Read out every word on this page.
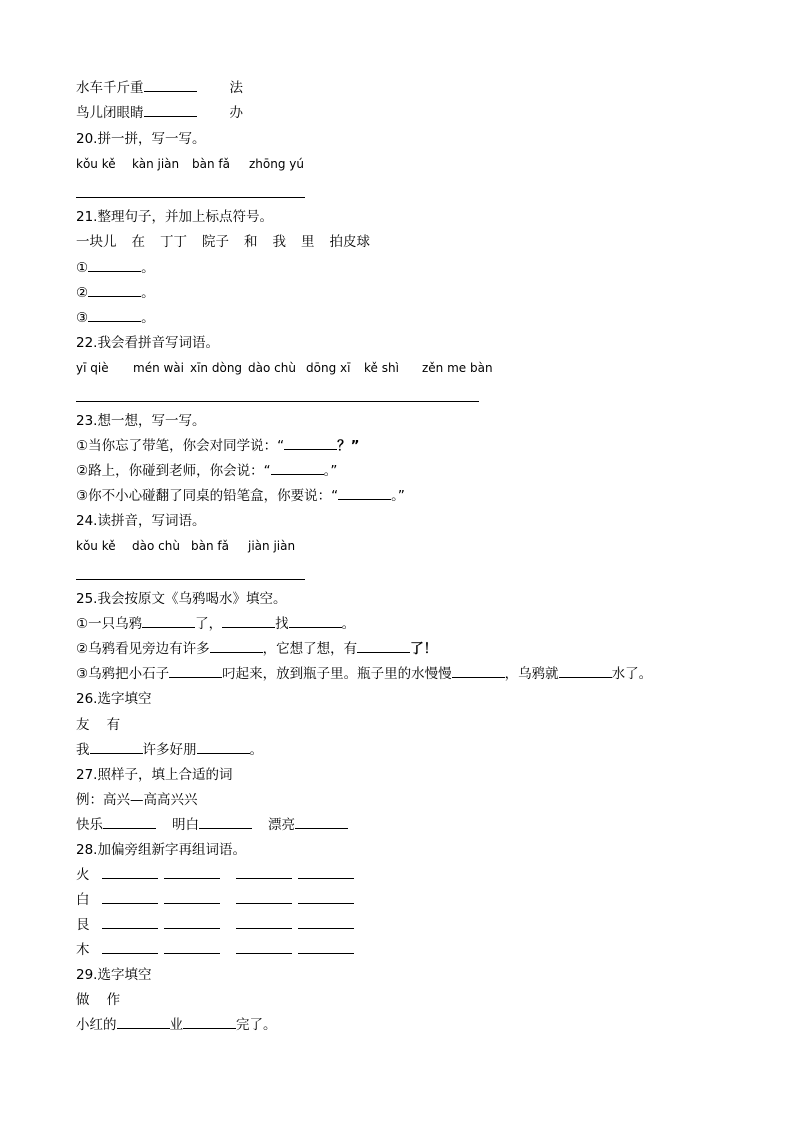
水车千斤重	法
鸟儿闭眼睛	办
20.拼一拼，写一写。
kǒu kě kàn jiàn bàn fǎ zhōng yú
21.整理句子，并加上标点符号。
一块儿 在 丁丁 院子 和 我 里 拍皮球
①	。
②	。
③	。
22.我会看拼音写词语。
yī qiè mén wài xīn dòng dào chù dōng xī kě shì zěn me bàn
23.想一想，写一写。
①当你忘了带笔，你会对同学说：“	？”
②路上，你碰到老师，你会说：“	。”
③你不小心碰翻了同桌的铅笔盒，你要说：“	。”
24.读拼音，写词语。
kǒu kě dào chù bàn fǎ jiàn jiàn
25.我会按原文《乌鸦喝水》填空。
①一只乌鸦	了，	找	。
②乌鸦看见旁边有许多	，它想了想，有	了！
③乌鸦把小石子	叼起来，放到瓶子里。瓶子里的水慢慢	，乌鸦就	水了。
26.选字填空
友    有
我	许多好朋	。
27.照样子，填上合适的词
例：高兴—高高兴兴
快乐	明白	漂亮
28.加偏旁组新字再组词语。
火
白
艮
木
29.选字填空
做    作
小红的	业	完了。
